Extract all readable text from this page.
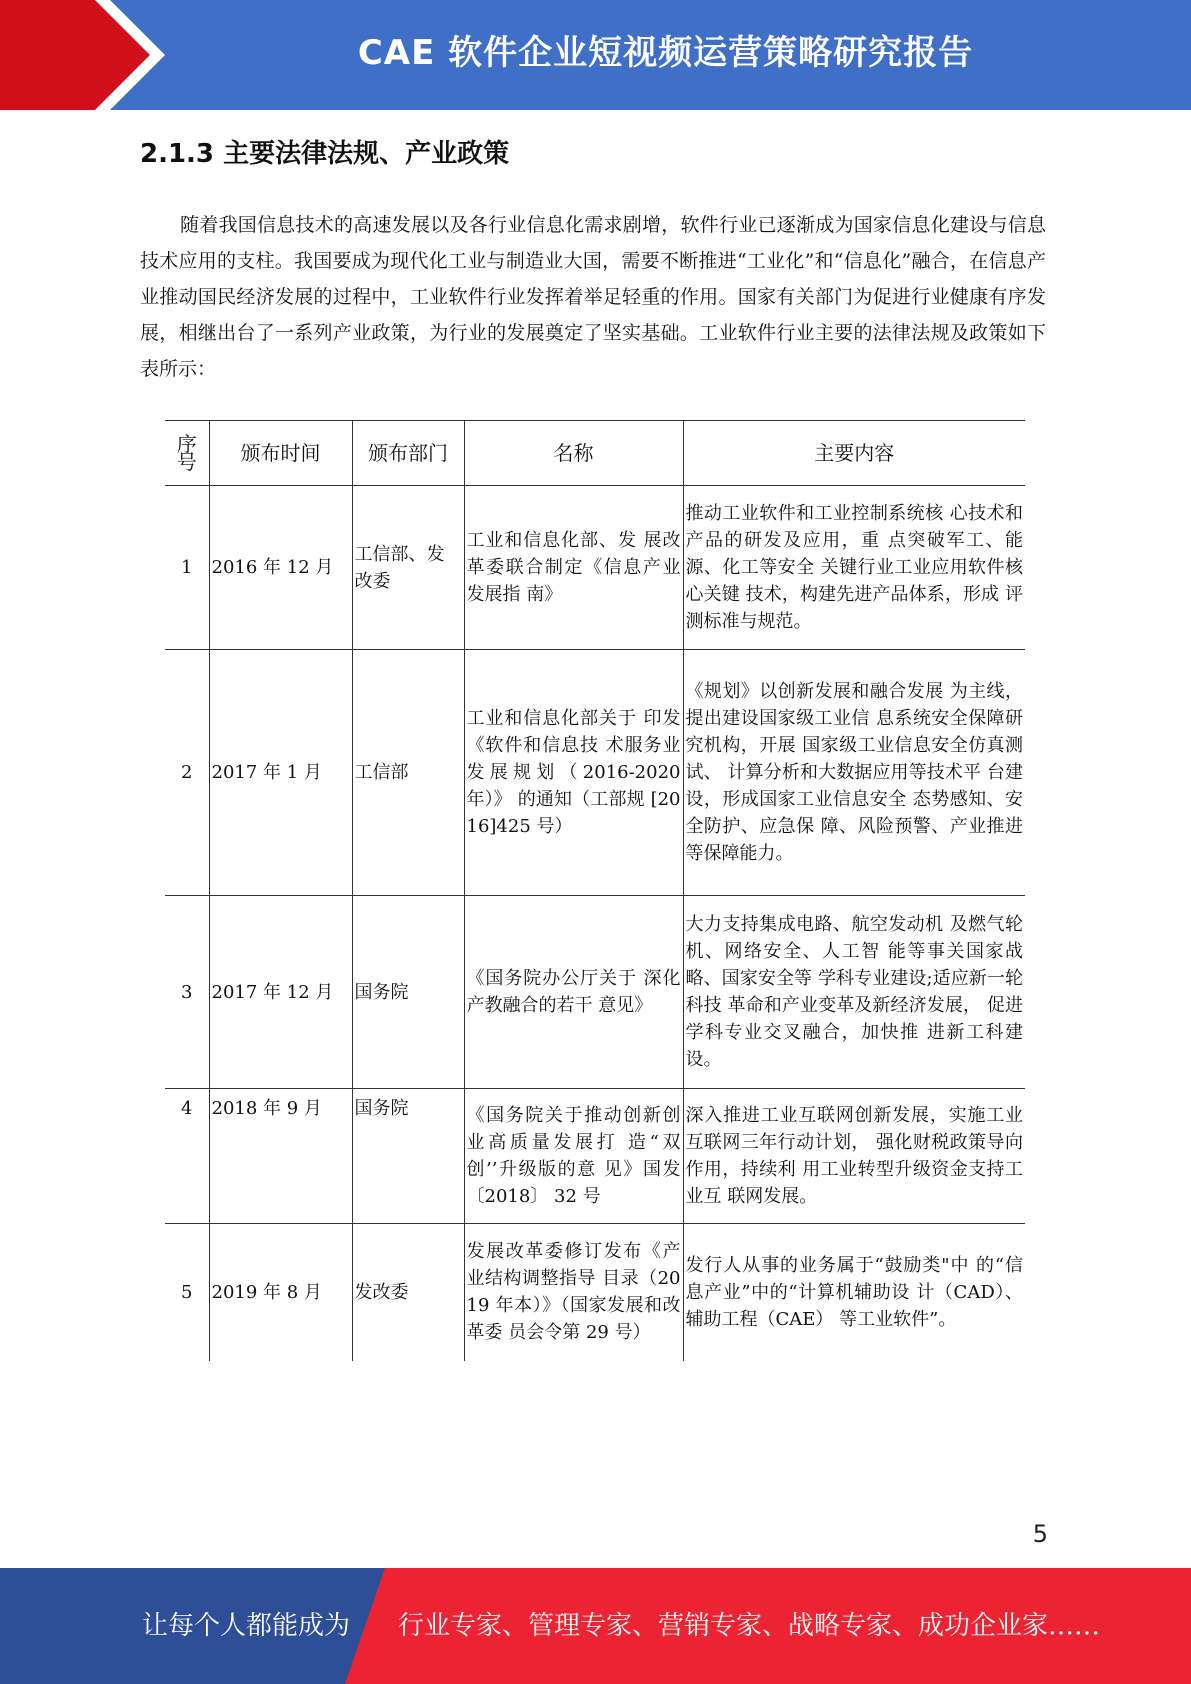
CAE 软件企业短视频运营策略研究报告
2.1.3 主要法律法规、产业政策

随着我国信息技术的高速发展以及各行业信息化需求剧增，软件行业已逐渐成为国家信息化建设与信息技术应用的支柱。我国要成为现代化工业与制造业大国，需要不断推进“工业化”和“信息化”融合，在信息产业推动国民经济发展的过程中，工业软件行业发挥着举足轻重的作用。国家有关部门为促进行业健康有序发展，相继出台了一系列产业政策，为行业的发展奠定了坚实基础。工业软件行业主要的法律法规及政策如下表所示：

序号	颁布时间	颁布部门	名称	主要内容
1	2016 年 12 月	工信部、发改委	工业和信息化部、发 展改革委联合制定《信息产业发展指 南》	推动工业软件和工业控制系统核 心技术和产品的研发及应用，重 点突破军工、能源、化工等安全 关键行业工业应用软件核心关键 技术，构建先进产品体系，形成 评测标准与规范。
2	2017 年 1 月	工信部	工业和信息化部关于 印发《软件和信息技 术服务业发展规划（2016-2020 年）》 的通知（工部规 [2016]425 号）	《规划》以创新发展和融合发展 为主线，提出建设国家级工业信 息系统安全保障研究机构，开展 国家级工业信息安全仿真测试、 计算分析和大数据应用等技术平 台建设，形成国家工业信息安全 态势感知、安全防护、应急保 障、风险预警、产业推进等保障能力。
3	2017 年 12 月	国务院	《国务院办公厅关于 深化产教融合的若干 意见》	大力支持集成电路、航空发动机 及燃气轮机、网络安全、人工智 能等事关国家战略、国家安全等 学科专业建设;适应新一轮科技 革命和产业变革及新经济发展， 促进学科专业交叉融合，加快推 进新工科建设。
4	2018 年 9 月	国务院	《国务院关于推动创新创业高质量发展打 造“双创’’升级版的意 见》国发〔2018〕 32 号	深入推进工业互联网创新发展，实施工业互联网三年行动计划， 强化财税政策导向作用，持续利 用工业转型升级资金支持工业互 联网发展。
5	2019 年 8 月	发改委	发展改革委修订发布《产业结构调整指导 目录（2019 年本）》（国家发展和改革委 员会令第 29 号）	发行人从事的业务属于“鼓励类"中 的“信息产业”中的“计算机辅助设 计（CAD）、辅助工程（CAE） 等工业软件”。
5
让每个人都能成为 行业专家、管理专家、营销专家、战略专家、成功企业家……
